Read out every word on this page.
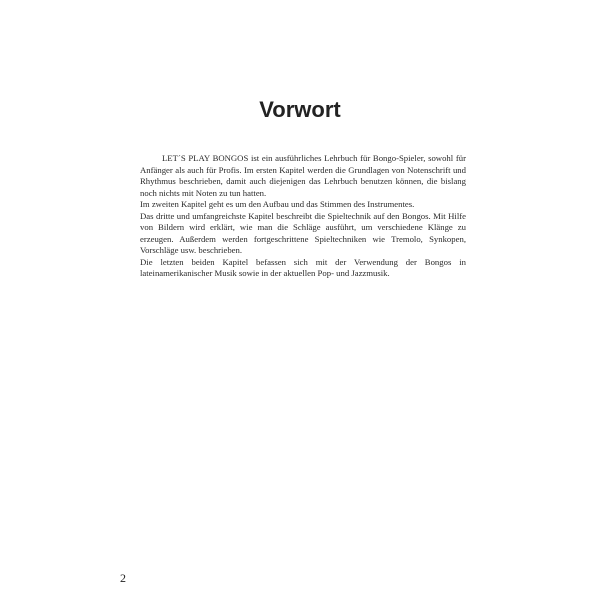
Vorwort

LET´S PLAY BONGOS ist ein ausführliches Lehrbuch für Bongo-Spieler, sowohl für Anfänger als auch für Profis. Im ersten Kapitel werden die Grundlagen von Notenschrift und Rhythmus beschrieben, damit auch diejenigen das Lehrbuch benutzen können, die bislang noch nichts mit Noten zu tun hatten.

Im zweiten Kapitel geht es um den Aufbau und das Stimmen des Instrumentes.

Das dritte und umfangreichste Kapitel beschreibt die Spieltechnik auf den Bongos. Mit Hilfe von Bildern wird erklärt, wie man die Schläge ausführt, um verschiedene Klänge zu erzeugen. Außerdem werden fortgeschrittene Spieltechniken wie Tremolo, Synkopen, Vorschläge usw. beschrieben.

Die letzten beiden Kapitel befassen sich mit der Verwendung der Bongos in lateinamerikanischer Musik sowie in der aktuellen Pop- und Jazzmusik.

2
